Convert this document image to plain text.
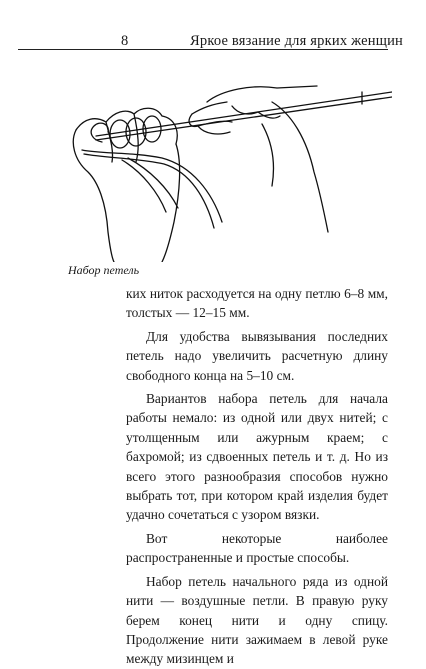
8	Яркое вязание для ярких женщин
Набор петель

ких ниток расходуется на одну петлю 6–8 мм, толстых — 12–15 мм.

Для удобства вывязывания последних петель надо увеличить расчетную длину свободного конца на 5–10 см.

Вариантов набора петель для начала работы немало: из одной или двух нитей; с утолщенным или ажурным краем; с бахромой; из сдвоенных петель и т. д. Но из всего этого разнообразия способов нужно выбрать тот, при котором край изделия будет удачно сочетаться с узором вязки.

Вот некоторые наиболее распространенные и простые способы.

Набор петель начального ряда из одной нити — воздушные петли. В правую руку берем конец нити и одну спицу. Продолжение нити зажимаем в левой руке между мизинцем и
